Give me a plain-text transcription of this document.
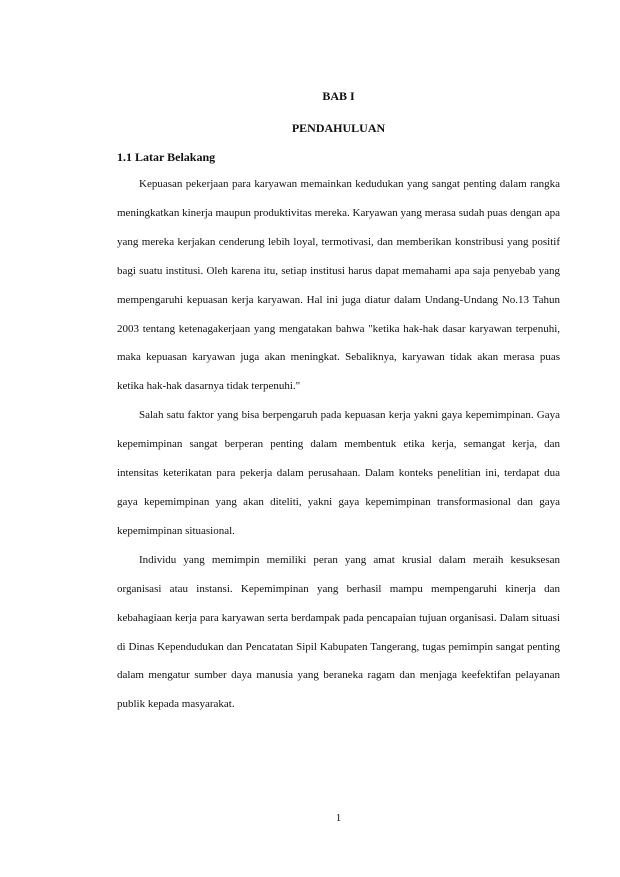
BAB I
PENDAHULUAN
1.1 Latar Belakang

Kepuasan pekerjaan para karyawan memainkan kedudukan yang sangat penting dalam rangka meningkatkan kinerja maupun produktivitas mereka. Karyawan yang merasa sudah puas dengan apa yang mereka kerjakan cenderung lebih loyal, termotivasi, dan memberikan konstribusi yang positif bagi suatu institusi. Oleh karena itu, setiap institusi harus dapat memahami apa saja penyebab yang mempengaruhi kepuasan kerja karyawan. Hal ini juga diatur dalam Undang-Undang No.13 Tahun 2003 tentang ketenagakerjaan yang mengatakan bahwa "ketika hak-hak dasar karyawan terpenuhi, maka kepuasan karyawan juga akan meningkat. Sebaliknya, karyawan tidak akan merasa puas ketika hak-hak dasarnya tidak terpenuhi."

Salah satu faktor yang bisa berpengaruh pada kepuasan kerja yakni gaya kepemimpinan. Gaya kepemimpinan sangat berperan penting dalam membentuk etika kerja, semangat kerja, dan intensitas keterikatan para pekerja dalam perusahaan. Dalam konteks penelitian ini, terdapat dua gaya kepemimpinan yang akan diteliti, yakni gaya kepemimpinan transformasional dan gaya kepemimpinan situasional.

Individu yang memimpin memiliki peran yang amat krusial dalam meraih kesuksesan organisasi atau instansi. Kepemimpinan yang berhasil mampu mempengaruhi kinerja dan kebahagiaan kerja para karyawan serta berdampak pada pencapaian tujuan organisasi. Dalam situasi di Dinas Kependudukan dan Pencatatan Sipil Kabupaten Tangerang, tugas pemimpin sangat penting dalam mengatur sumber daya manusia yang beraneka ragam dan menjaga keefektifan pelayanan publik kepada masyarakat.

1
